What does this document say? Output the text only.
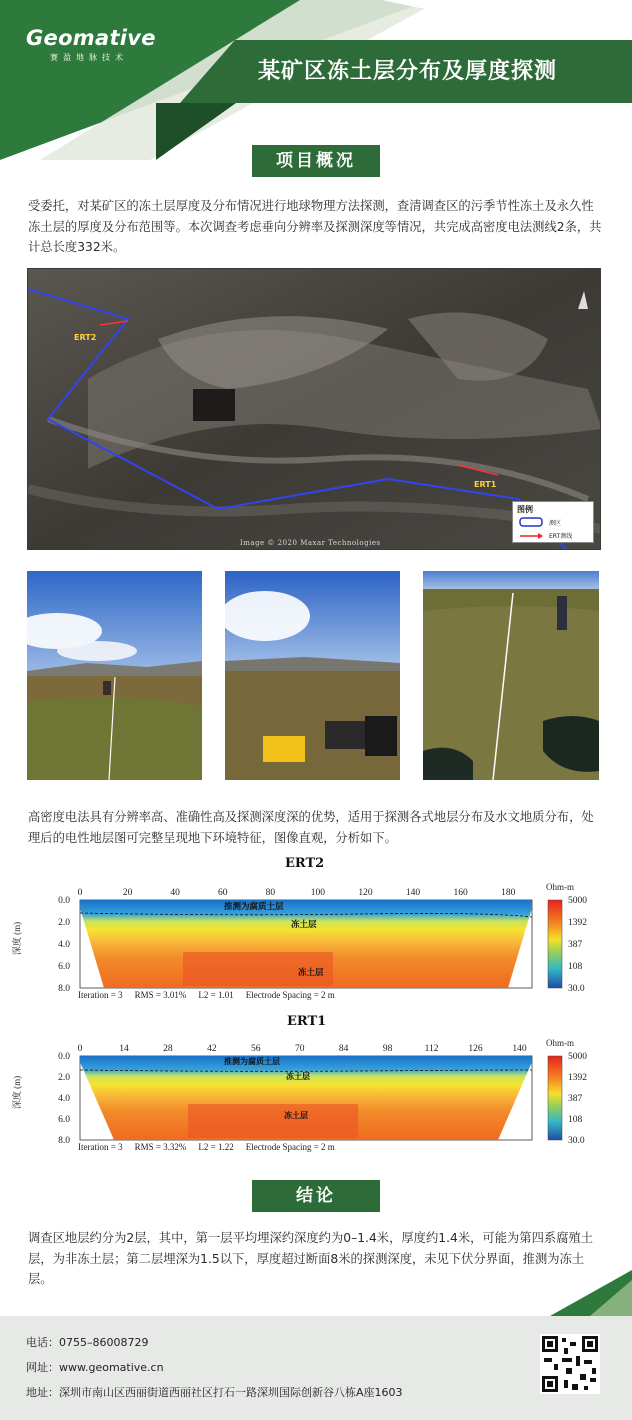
Geomative
赛盈地脉技术
某矿区冻土层分布及厚度探测
项目概况
受委托，对某矿区的冻土层厚度及分布情况进行地球物理方法探测，查清调查区的污季节性冻土及永久性冻土层的厚度及分布范围等。本次调查考虑垂向分辨率及探测深度等情况，共完成高密度电法测线2条，共计总长度332米。
ERT2
ERT1
Image © 2020 Maxar Technologies
图例
测区
ERT测线
高密度电法具有分辨率高、准确性高及探测深度深的优势，适用于探测各式地层分布及水文地质分布，处理后的电性地层图可完整呈现地下环境特征，图像直观，分析如下。
ERT2
0	20	40	60	80	100	120	140	160	180
0.0
2.0
4.0
6.0
8.0
5000
1392
387
108
30.0
推测为腐质土层
冻土层
冻土层
Ohm-m
深度 (m)
Iteration = 3 RMS = 3.01% L2 = 1.01 Electrode Spacing = 2 m
ERT1
0	14	28	42	56	70	84	98	112	126	140
0.0
2.0
4.0
6.0
8.0
5000
1392
387
108
30.0
推测为腐质土层
冻土层
冻土层
Ohm-m
深度 (m)
Iteration = 3 RMS = 3.32% L2 = 1.22 Electrode Spacing = 2 m
结论
调查区地层约分为2层，其中，第一层平均埋深约深度约为0–1.4米，厚度约1.4米，可能为第四系腐殖土层，为非冻土层；第二层埋深为1.5以下，厚度超过断面8米的探测深度，未见下伏分界面，推测为冻土层。
电话：0755–86008729
网址：www.geomative.cn
地址：深圳市南山区西丽街道西丽社区打石一路深圳国际创新谷八栋A座1603
